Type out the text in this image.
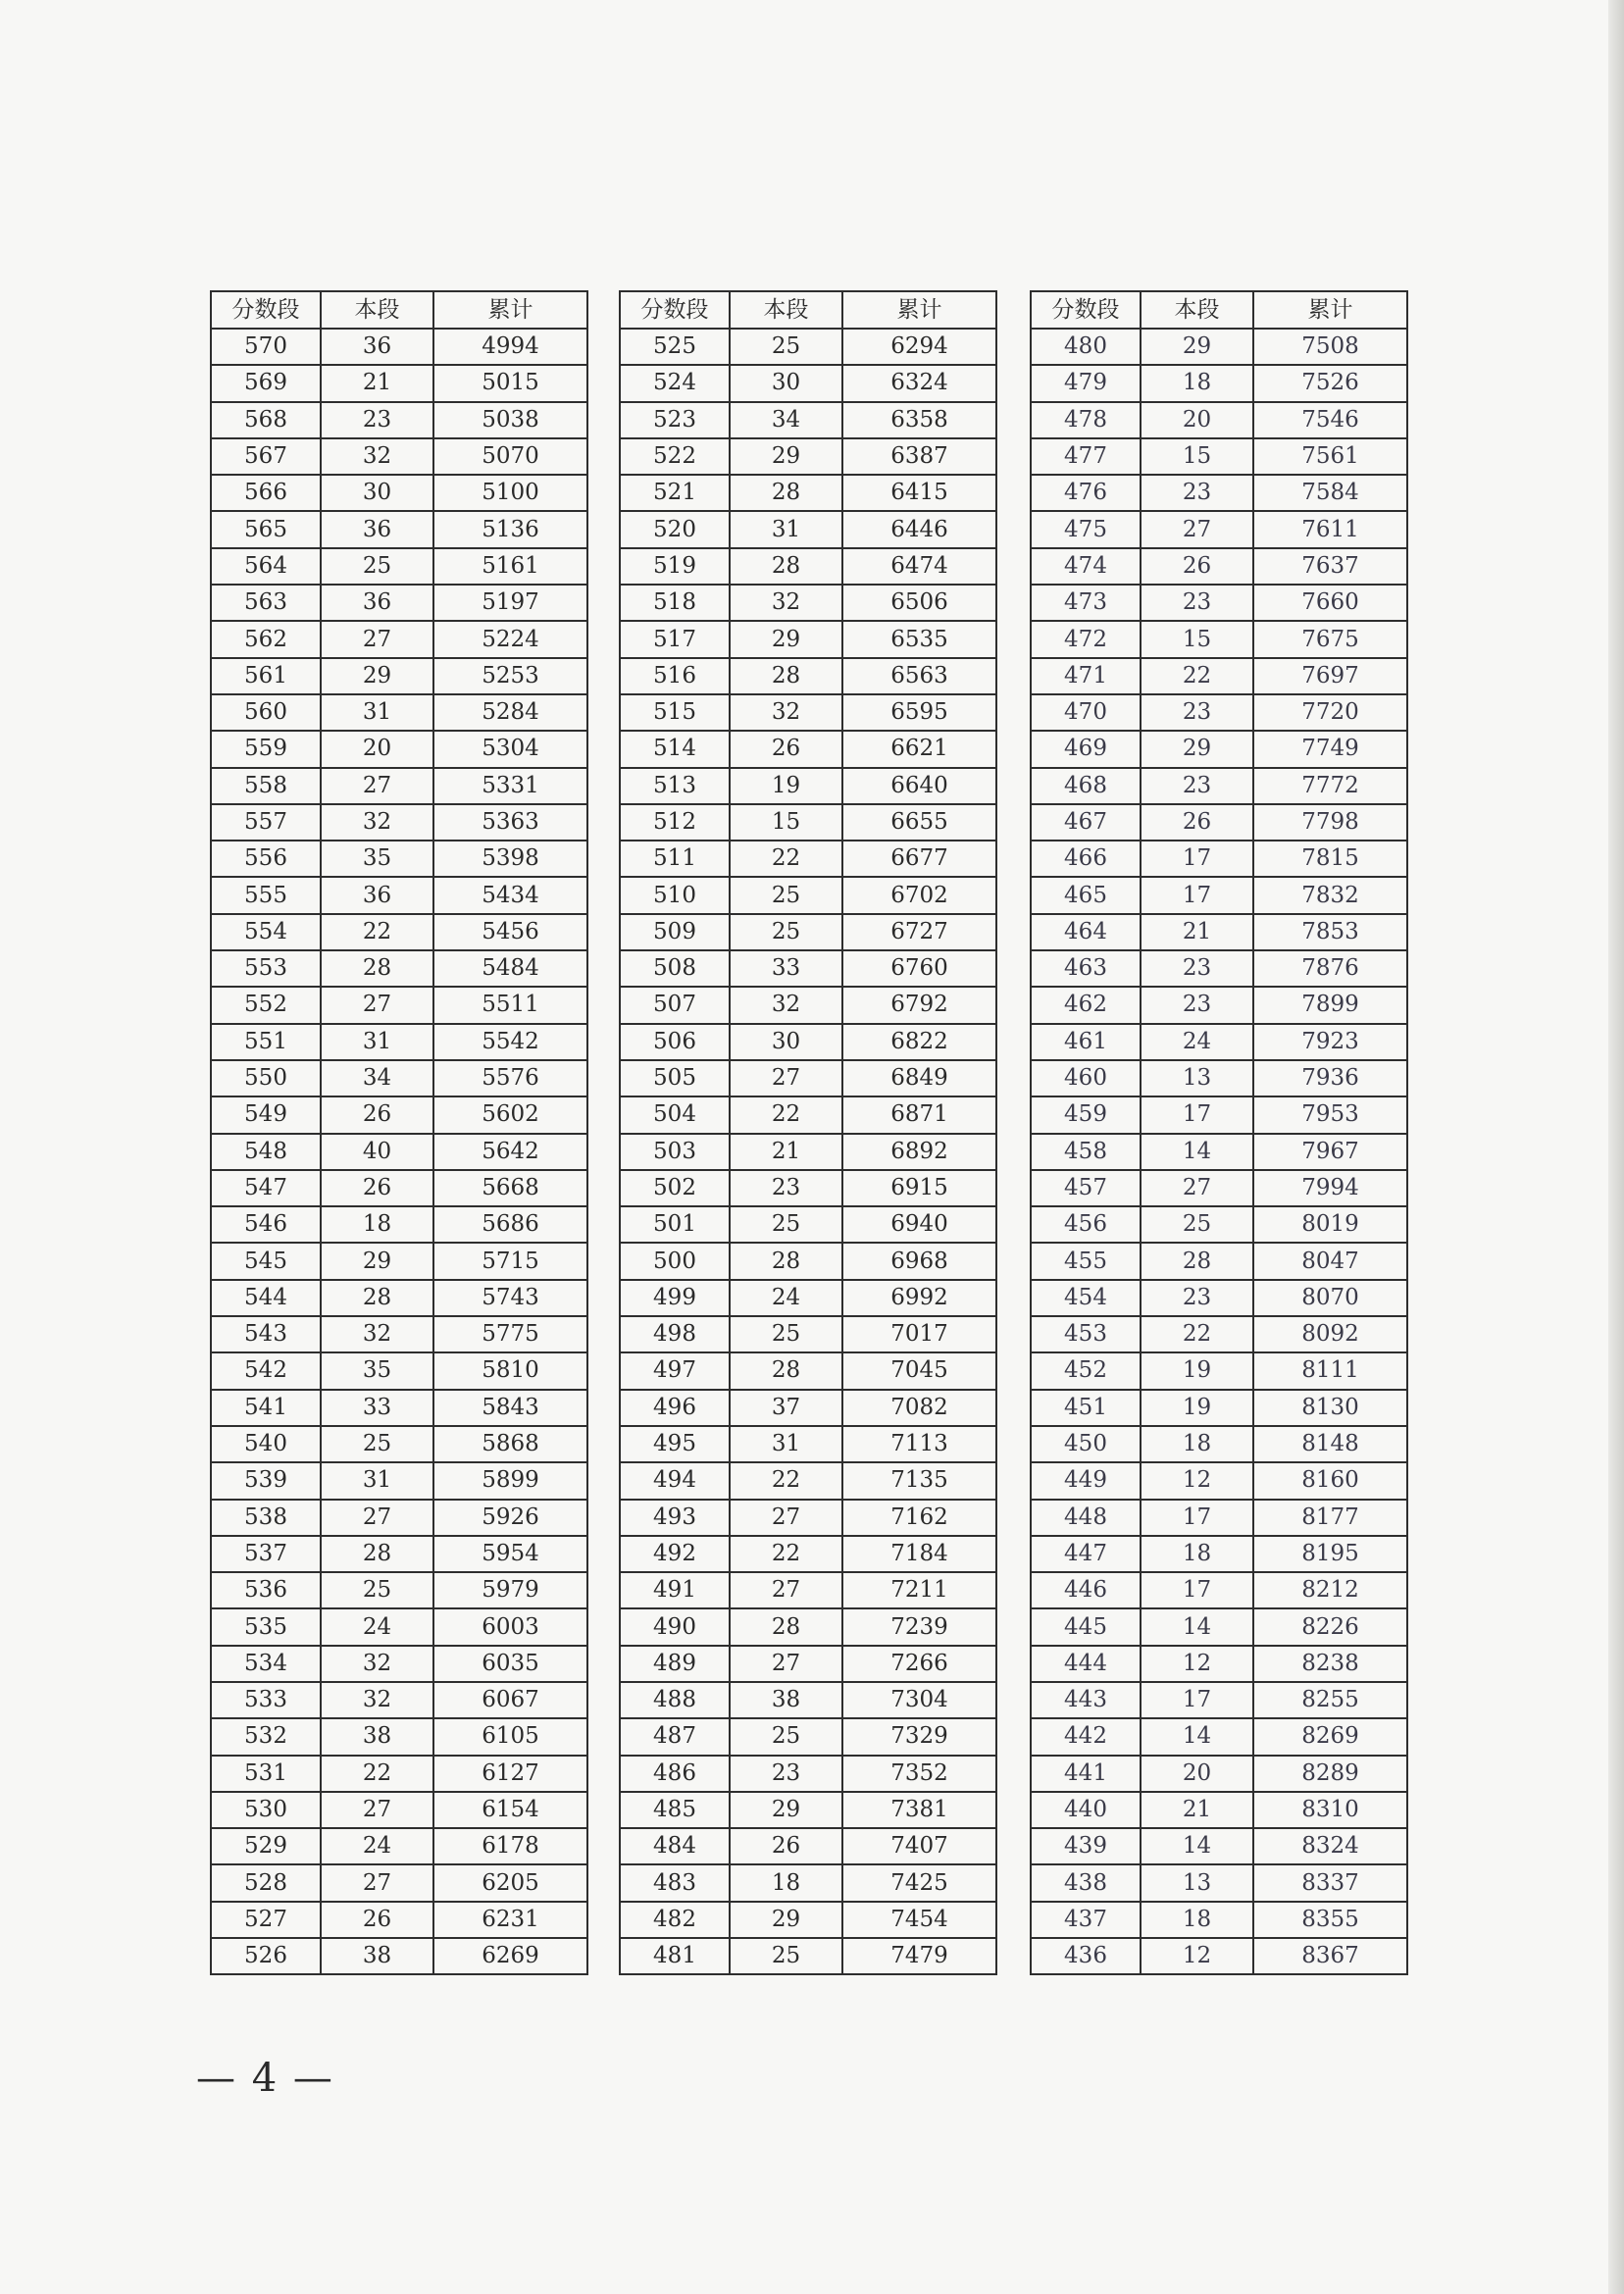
分数段	本段	累计
570	36	4994
569	21	5015
568	23	5038
567	32	5070
566	30	5100
565	36	5136
564	25	5161
563	36	5197
562	27	5224
561	29	5253
560	31	5284
559	20	5304
558	27	5331
557	32	5363
556	35	5398
555	36	5434
554	22	5456
553	28	5484
552	27	5511
551	31	5542
550	34	5576
549	26	5602
548	40	5642
547	26	5668
546	18	5686
545	29	5715
544	28	5743
543	32	5775
542	35	5810
541	33	5843
540	25	5868
539	31	5899
538	27	5926
537	28	5954
536	25	5979
535	24	6003
534	32	6035
533	32	6067
532	38	6105
531	22	6127
530	27	6154
529	24	6178
528	27	6205
527	26	6231
526	38	6269
分数段	本段	累计
525	25	6294
524	30	6324
523	34	6358
522	29	6387
521	28	6415
520	31	6446
519	28	6474
518	32	6506
517	29	6535
516	28	6563
515	32	6595
514	26	6621
513	19	6640
512	15	6655
511	22	6677
510	25	6702
509	25	6727
508	33	6760
507	32	6792
506	30	6822
505	27	6849
504	22	6871
503	21	6892
502	23	6915
501	25	6940
500	28	6968
499	24	6992
498	25	7017
497	28	7045
496	37	7082
495	31	7113
494	22	7135
493	27	7162
492	22	7184
491	27	7211
490	28	7239
489	27	7266
488	38	7304
487	25	7329
486	23	7352
485	29	7381
484	26	7407
483	18	7425
482	29	7454
481	25	7479
分数段	本段	累计
480	29	7508
479	18	7526
478	20	7546
477	15	7561
476	23	7584
475	27	7611
474	26	7637
473	23	7660
472	15	7675
471	22	7697
470	23	7720
469	29	7749
468	23	7772
467	26	7798
466	17	7815
465	17	7832
464	21	7853
463	23	7876
462	23	7899
461	24	7923
460	13	7936
459	17	7953
458	14	7967
457	27	7994
456	25	8019
455	28	8047
454	23	8070
453	22	8092
452	19	8111
451	19	8130
450	18	8148
449	12	8160
448	17	8177
447	18	8195
446	17	8212
445	14	8226
444	12	8238
443	17	8255
442	14	8269
441	20	8289
440	21	8310
439	14	8324
438	13	8337
437	18	8355
436	12	8367
— 4 —
